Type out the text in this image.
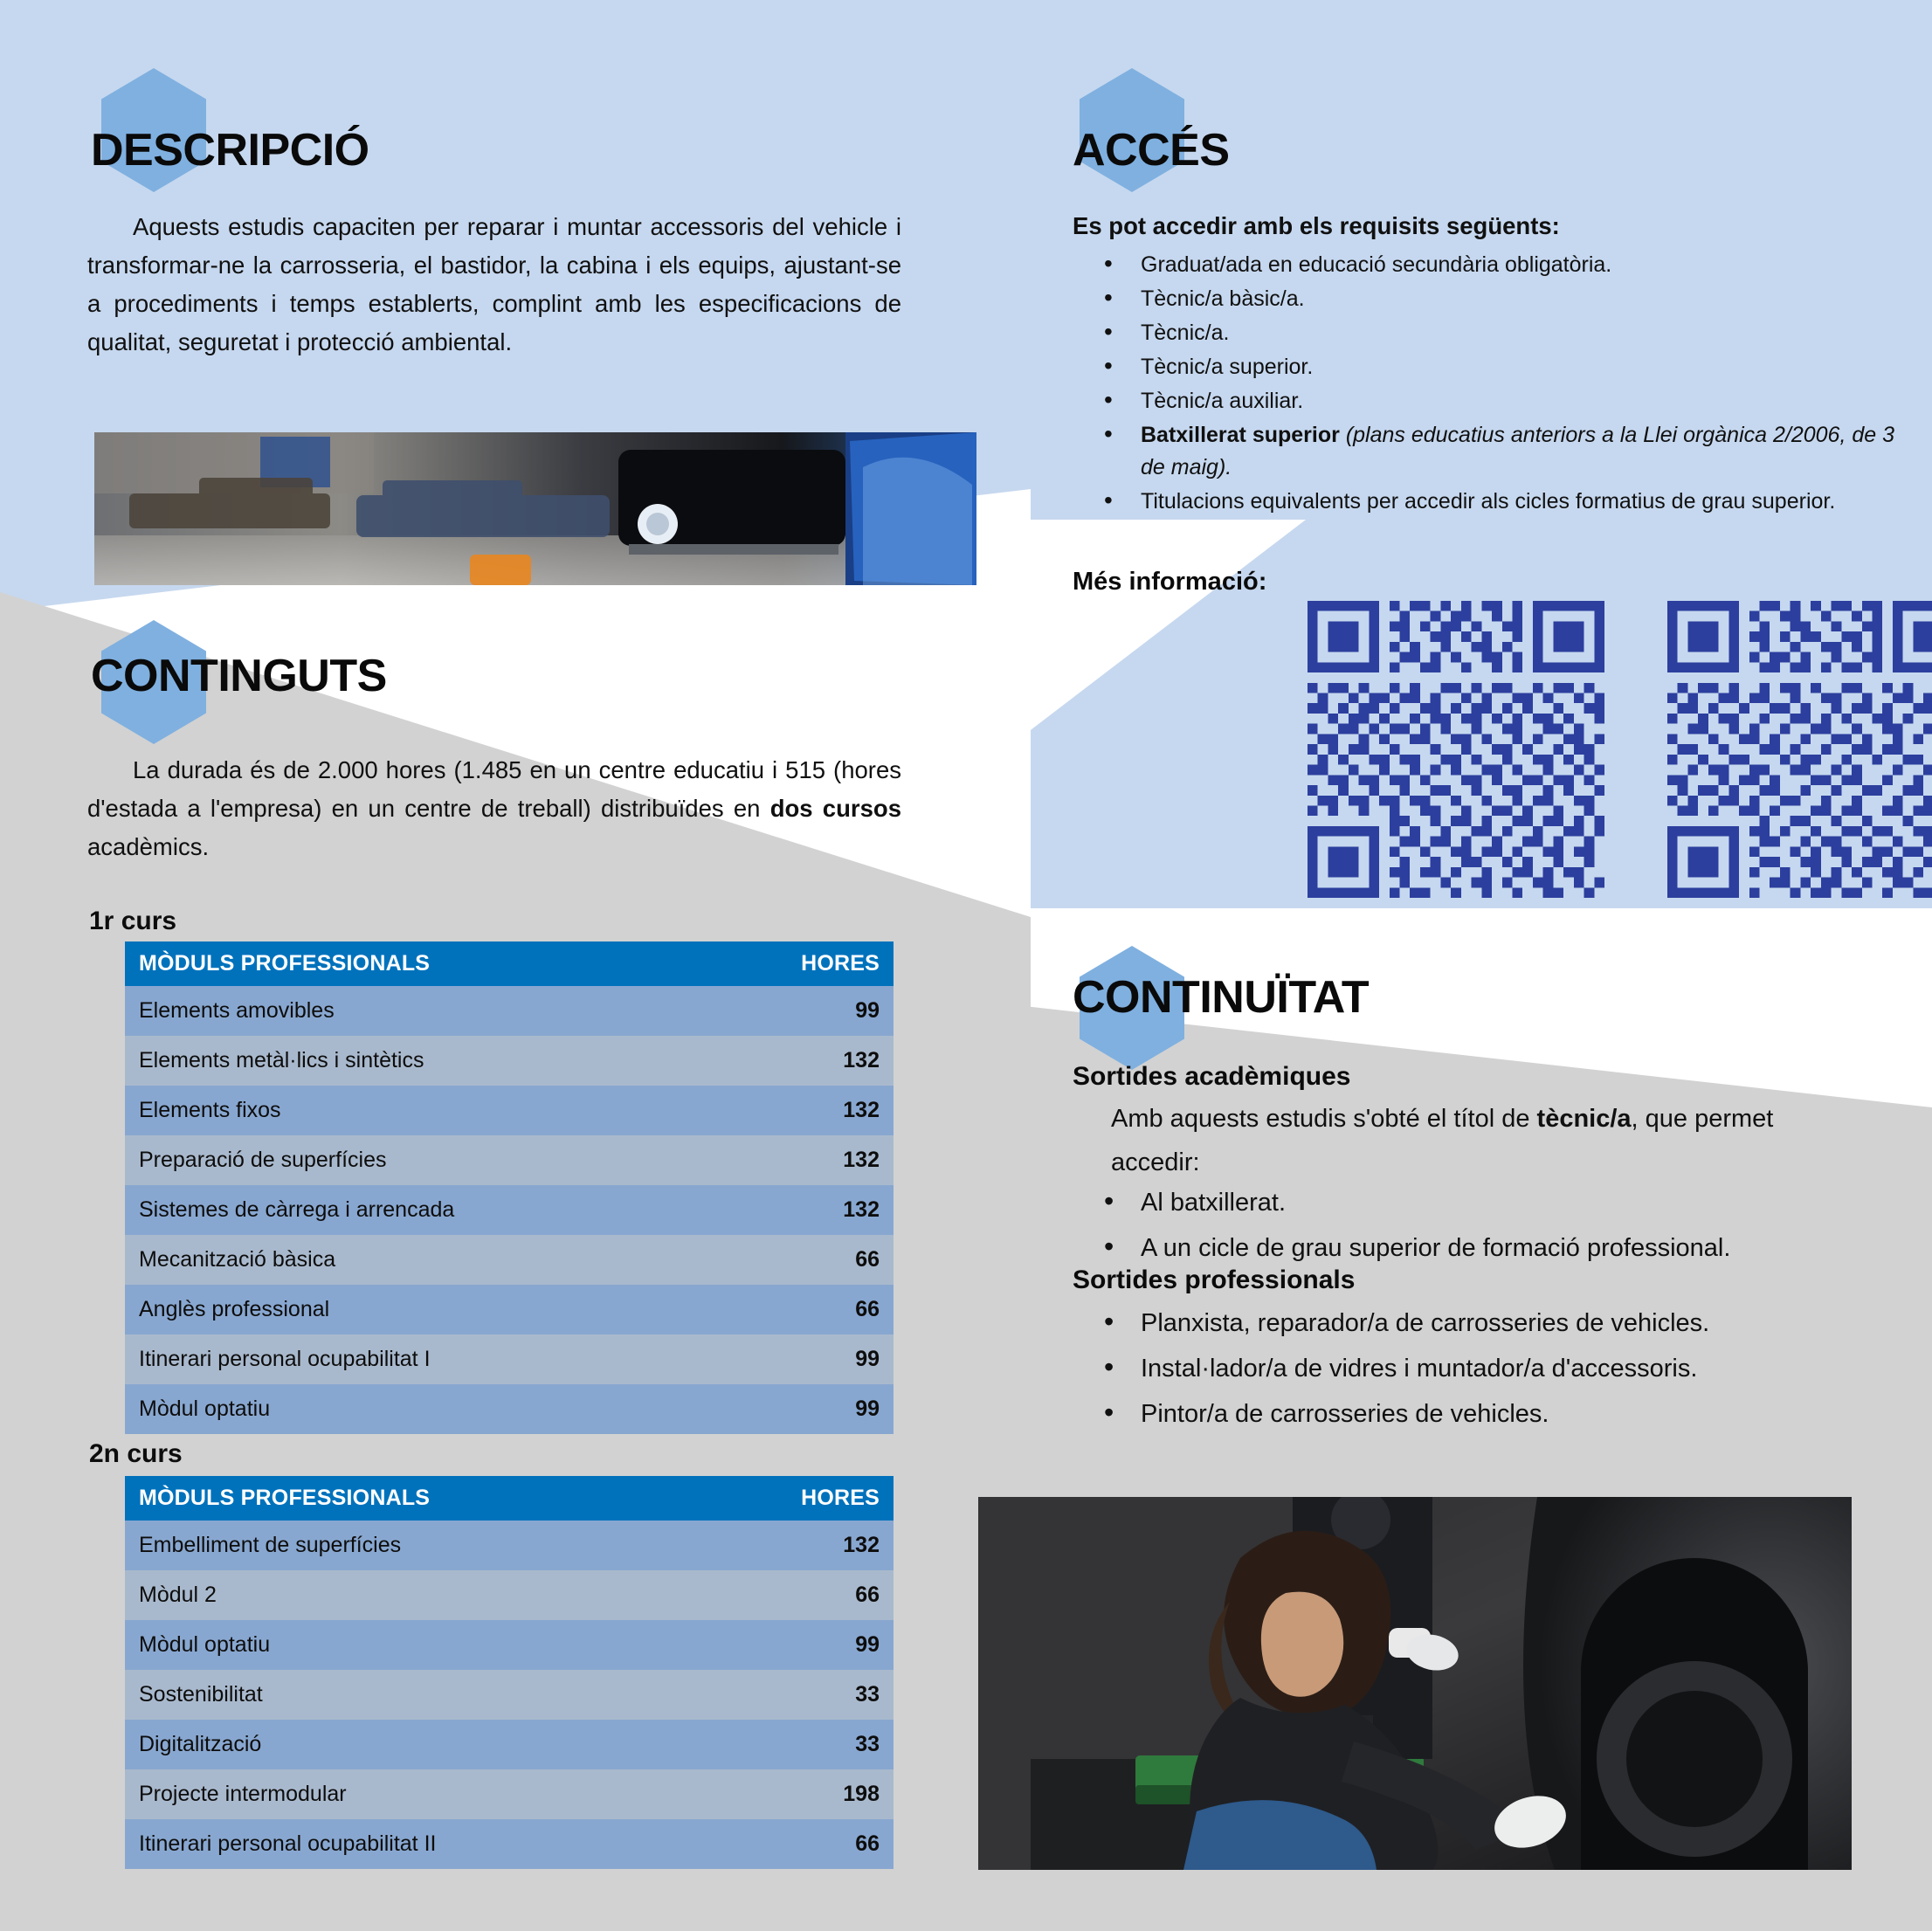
DESCRIPCIÓ
Aquests estudis capaciten per reparar i muntar accessoris del vehicle i transformar-ne la carrosseria, el bastidor, la cabina i els equips, ajustant-se a procediments i temps establerts, complint amb les especificacions de qualitat, seguretat i protecció ambiental.
CONTINGUTS
La durada és de 2.000 hores (1.485 en un centre educatiu i 515 (hores d'estada a l'empresa) en un centre de treball) distribuïdes en dos cursos acadèmics.
1r curs
MÒDULS PROFESSIONALS	HORES
Elements amovibles	99
Elements metàl·lics i sintètics	132
Elements fixos	132
Preparació de superfícies	132
Sistemes de càrrega i arrencada	132
Mecanització bàsica	66
Anglès professional	66
Itinerari personal ocupabilitat I	99
Mòdul optatiu	99
2n curs
MÒDULS PROFESSIONALS	HORES
Embelliment de superfícies	132
Mòdul 2	66
Mòdul optatiu	99
Sostenibilitat	33
Digitalització	33
Projecte intermodular	198
Itinerari personal ocupabilitat II	66
ACCÉS
Es pot accedir amb els requisits següents:
• Graduat/ada en educació secundària obligatòria.
• Tècnic/a bàsic/a.
• Tècnic/a.
• Tècnic/a superior.
• Tècnic/a auxiliar.
• Batxillerat superior (plans educatius anteriors a la Llei orgànica 2/2006, de 3 de maig).
• Titulacions equivalents per accedir als cicles formatius de grau superior.
Més informació:
CONTINUÏTAT
Sortides acadèmiques
Amb aquests estudis s'obté el títol de tècnic/a, que permet accedir:
• Al batxillerat.
• A un cicle de grau superior de formació professional.
Sortides professionals
• Planxista, reparador/a de carrosseries de vehicles.
• Instal·lador/a de vidres i muntador/a d'accessoris.
• Pintor/a de carrosseries de vehicles.
